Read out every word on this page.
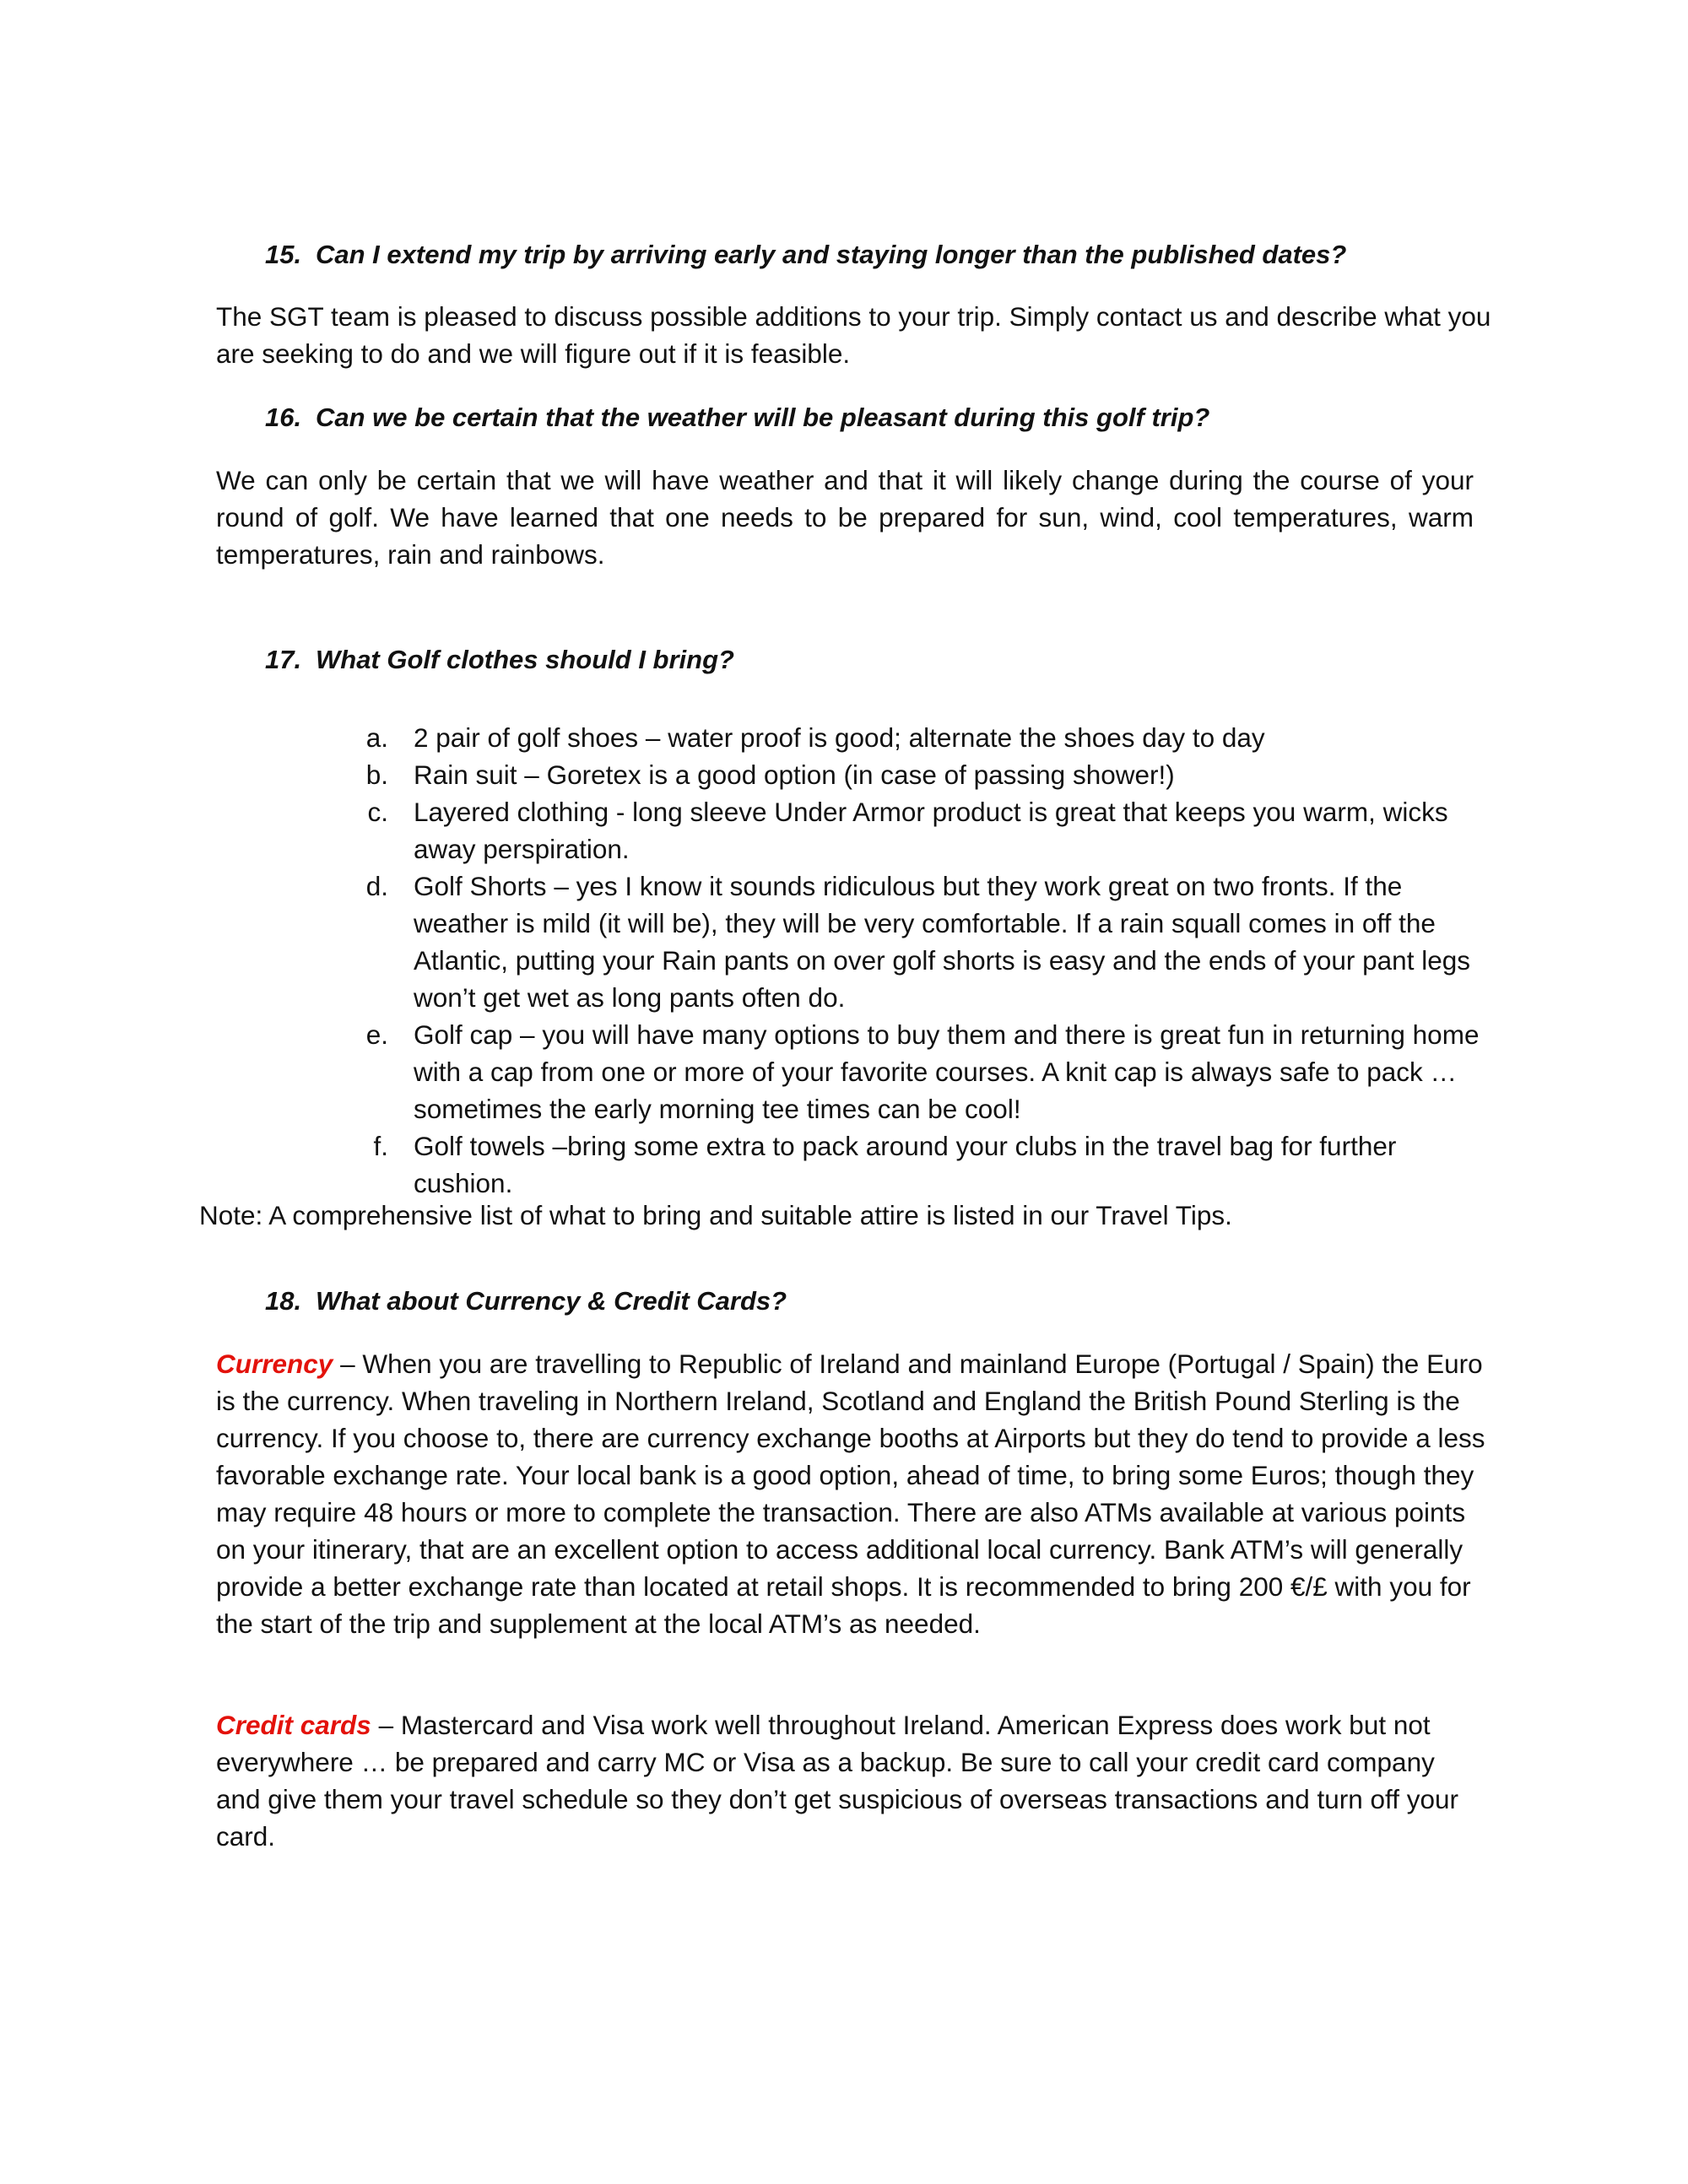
15. Can I extend my trip by arriving early and staying longer than the published dates?
The SGT team is pleased to discuss possible additions to your trip. Simply contact us and describe what you are seeking to do and we will figure out if it is feasible.
16. Can we be certain that the weather will be pleasant during this golf trip?
We can only be certain that we will have weather and that it will likely change during the course of your round of golf. We have learned that one needs to be prepared for sun, wind, cool temperatures, warm temperatures, rain and rainbows.
17. What Golf clothes should I bring?
a. 2 pair of golf shoes – water proof is good; alternate the shoes day to day
b. Rain suit – Goretex is a good option (in case of passing shower!)
c. Layered clothing - long sleeve Under Armor product is great that keeps you warm, wicks away perspiration.
d. Golf Shorts – yes I know it sounds ridiculous but they work great on two fronts. If the weather is mild (it will be), they will be very comfortable. If a rain squall comes in off the Atlantic, putting your Rain pants on over golf shorts is easy and the ends of your pant legs won’t get wet as long pants often do.
e. Golf cap – you will have many options to buy them and there is great fun in returning home with a cap from one or more of your favorite courses. A knit cap is always safe to pack … sometimes the early morning tee times can be cool!
f. Golf towels –bring some extra to pack around your clubs in the travel bag for further cushion.
Note: A comprehensive list of what to bring and suitable attire is listed in our Travel Tips.
18. What about Currency & Credit Cards?
Currency – When you are travelling to Republic of Ireland and mainland Europe (Portugal / Spain) the Euro is the currency. When traveling in Northern Ireland, Scotland and England the British Pound Sterling is the currency. If you choose to, there are currency exchange booths at Airports but they do tend to provide a less favorable exchange rate. Your local bank is a good option, ahead of time, to bring some Euros; though they may require 48 hours or more to complete the transaction. There are also ATMs available at various points on your itinerary, that are an excellent option to access additional local currency. Bank ATM’s will generally provide a better exchange rate than located at retail shops. It is recommended to bring 200 €/£ with you for the start of the trip and supplement at the local ATM’s as needed.
Credit cards – Mastercard and Visa work well throughout Ireland. American Express does work but not everywhere … be prepared and carry MC or Visa as a backup. Be sure to call your credit card company and give them your travel schedule so they don’t get suspicious of overseas transactions and turn off your card.
